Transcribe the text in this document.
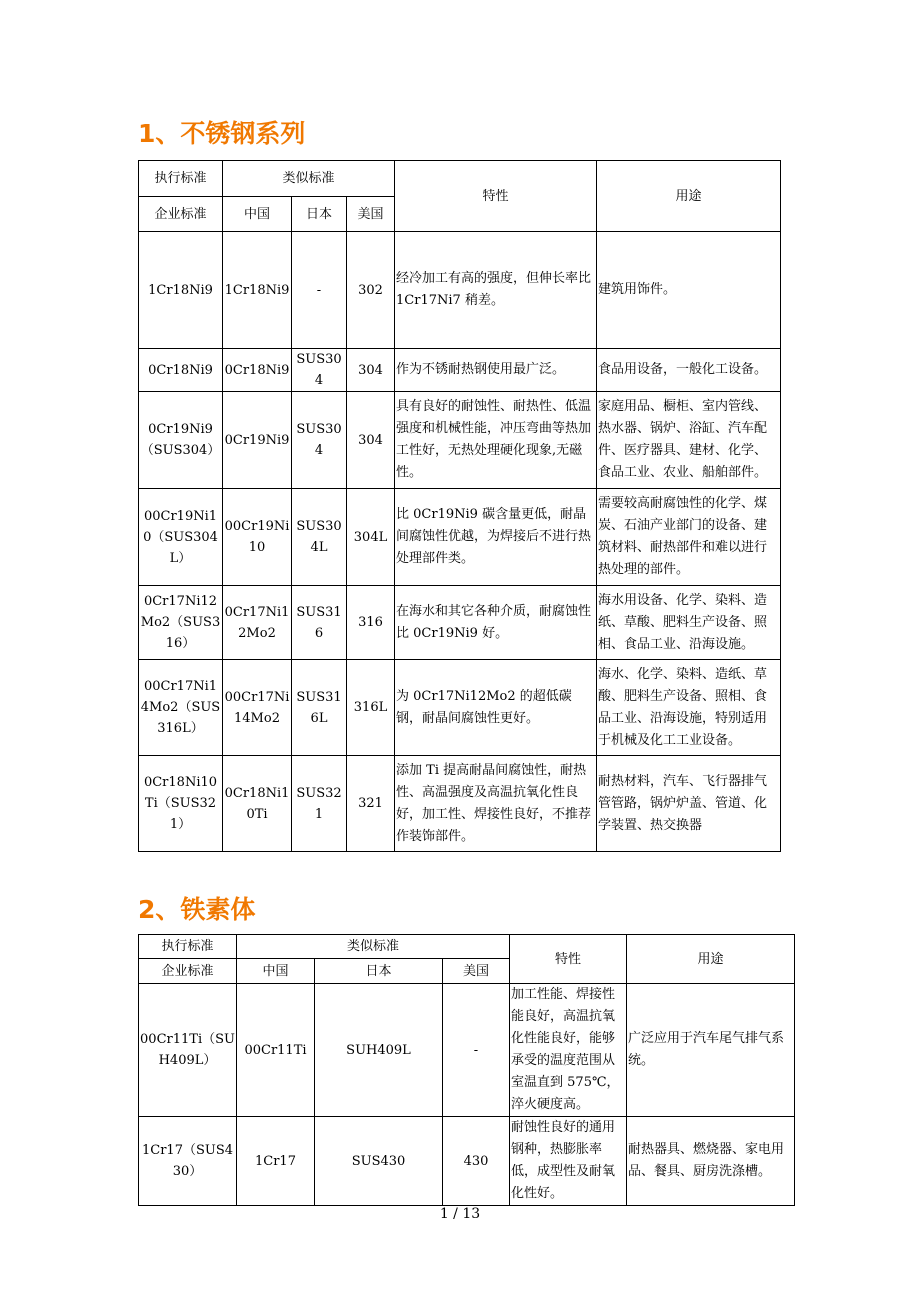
1、不锈钢系列
执行标准	类似标准			特性	用途
企业标准	中国	日本	美国		
1Cr18Ni9	1Cr18Ni9	-	302	经冷加工有高的强度，但伸长率比 1Cr17Ni7 稍差。	建筑用饰件。
0Cr18Ni9	0Cr18Ni9	SUS304	304	作为不锈耐热钢使用最广泛。	食品用设备，一般化工设备。
0Cr19Ni9（SUS304）	0Cr19Ni9	SUS304	304	具有良好的耐蚀性、耐热性、低温强度和机械性能，冲压弯曲等热加工性好，无热处理硬化现象,无磁性。	家庭用品、橱柜、室内管线、热水器、锅炉、浴缸、汽车配件、医疗器具、建材、化学、食品工业、农业、船舶部件。
00Cr19Ni10（SUS304L）	00Cr19Ni10	SUS304L	304L	比 0Cr19Ni9 碳含量更低，耐晶间腐蚀性优越，为焊接后不进行热处理部件类。	需要较高耐腐蚀性的化学、煤炭、石油产业部门的设备、建筑材料、耐热部件和难以进行热处理的部件。
0Cr17Ni12Mo2（SUS316）	0Cr17Ni12Mo2	SUS316	316	在海水和其它各种介质，耐腐蚀性比 0Cr19Ni9 好。	海水用设备、化学、染料、造纸、草酸、肥料生产设备、照相、食品工业、沿海设施。
00Cr17Ni14Mo2（SUS316L）	00Cr17Ni14Mo2	SUS316L	316L	为 0Cr17Ni12Mo2 的超低碳钢，耐晶间腐蚀性更好。	海水、化学、染料、造纸、草酸、肥料生产设备、照相、食品工业、沿海设施，特别适用于机械及化工工业设备。
0Cr18Ni10Ti（SUS321）	0Cr18Ni10Ti	SUS321	321	添加 Ti 提高耐晶间腐蚀性，耐热性、高温强度及高温抗氧化性良好，加工性、焊接性良好，不推荐作装饰部件。	耐热材料，汽车、飞行器排气管管路，锅炉炉盖、管道、化学装置、热交换器
2、铁素体
执行标准	类似标准			特性	用途
企业标准	中国	日本	美国		
00Cr11Ti（SUH409L）	00Cr11Ti	SUH409L	-	加工性能、焊接性能良好，高温抗氧化性能良好，能够承受的温度范围从室温直到 575℃，淬火硬度高。	广泛应用于汽车尾气排气系统。
1Cr17（SUS430）	1Cr17	SUS430	430	耐蚀性良好的通用钢种，热膨胀率低，成型性及耐氧化性好。	耐热器具、燃烧器、家电用品、餐具、厨房洗涤槽。
1 / 13
